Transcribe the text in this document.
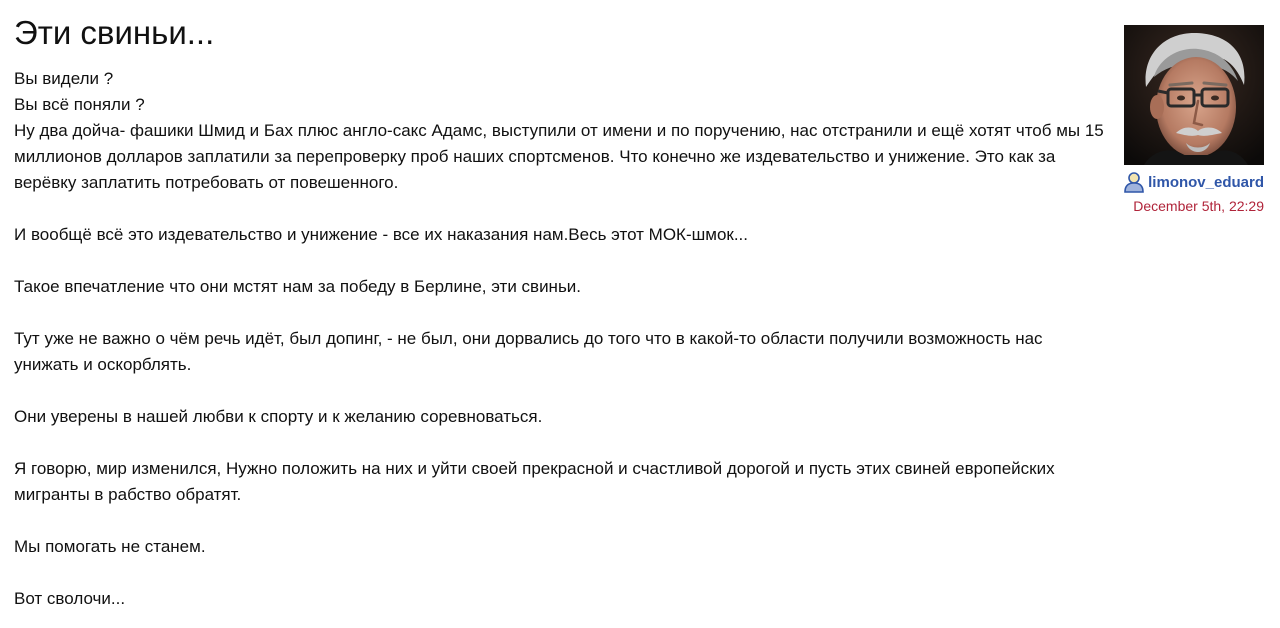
Эти свиньи...

Вы видели ?

Вы всё поняли ?

Ну два дойча- фашики Шмид и Бах плюс англо-сакс Адамс, выступили от имени и по поручению, нас отстранили и ещё хотят чтоб мы 15 миллионов долларов заплатили за перепроверку проб наших спортсменов. Что конечно же издевательство и унижение. Это как за верёвку заплатить потребовать от повешенного.

И вообщё всё это издевательство и унижение - все их наказания нам.Весь этот МОК-шмок...

Такое впечатление что они мстят нам за победу в Берлине, эти свиньи.

Тут уже не важно о чём речь идёт, был допинг, - не был, они дорвались до того что в какой-то области получили возможность нас унижать и оскорблять.

Они уверены в нашей любви к спорту и к желанию соревноваться.

Я говорю, мир изменился, Нужно положить на них и уйти своей прекрасной и счастливой дорогой и пусть этих свиней европейских мигранты в рабство обратят.

Мы помогать не станем.

Вот сволочи...

limonov_eduard
December 5th, 22:29
